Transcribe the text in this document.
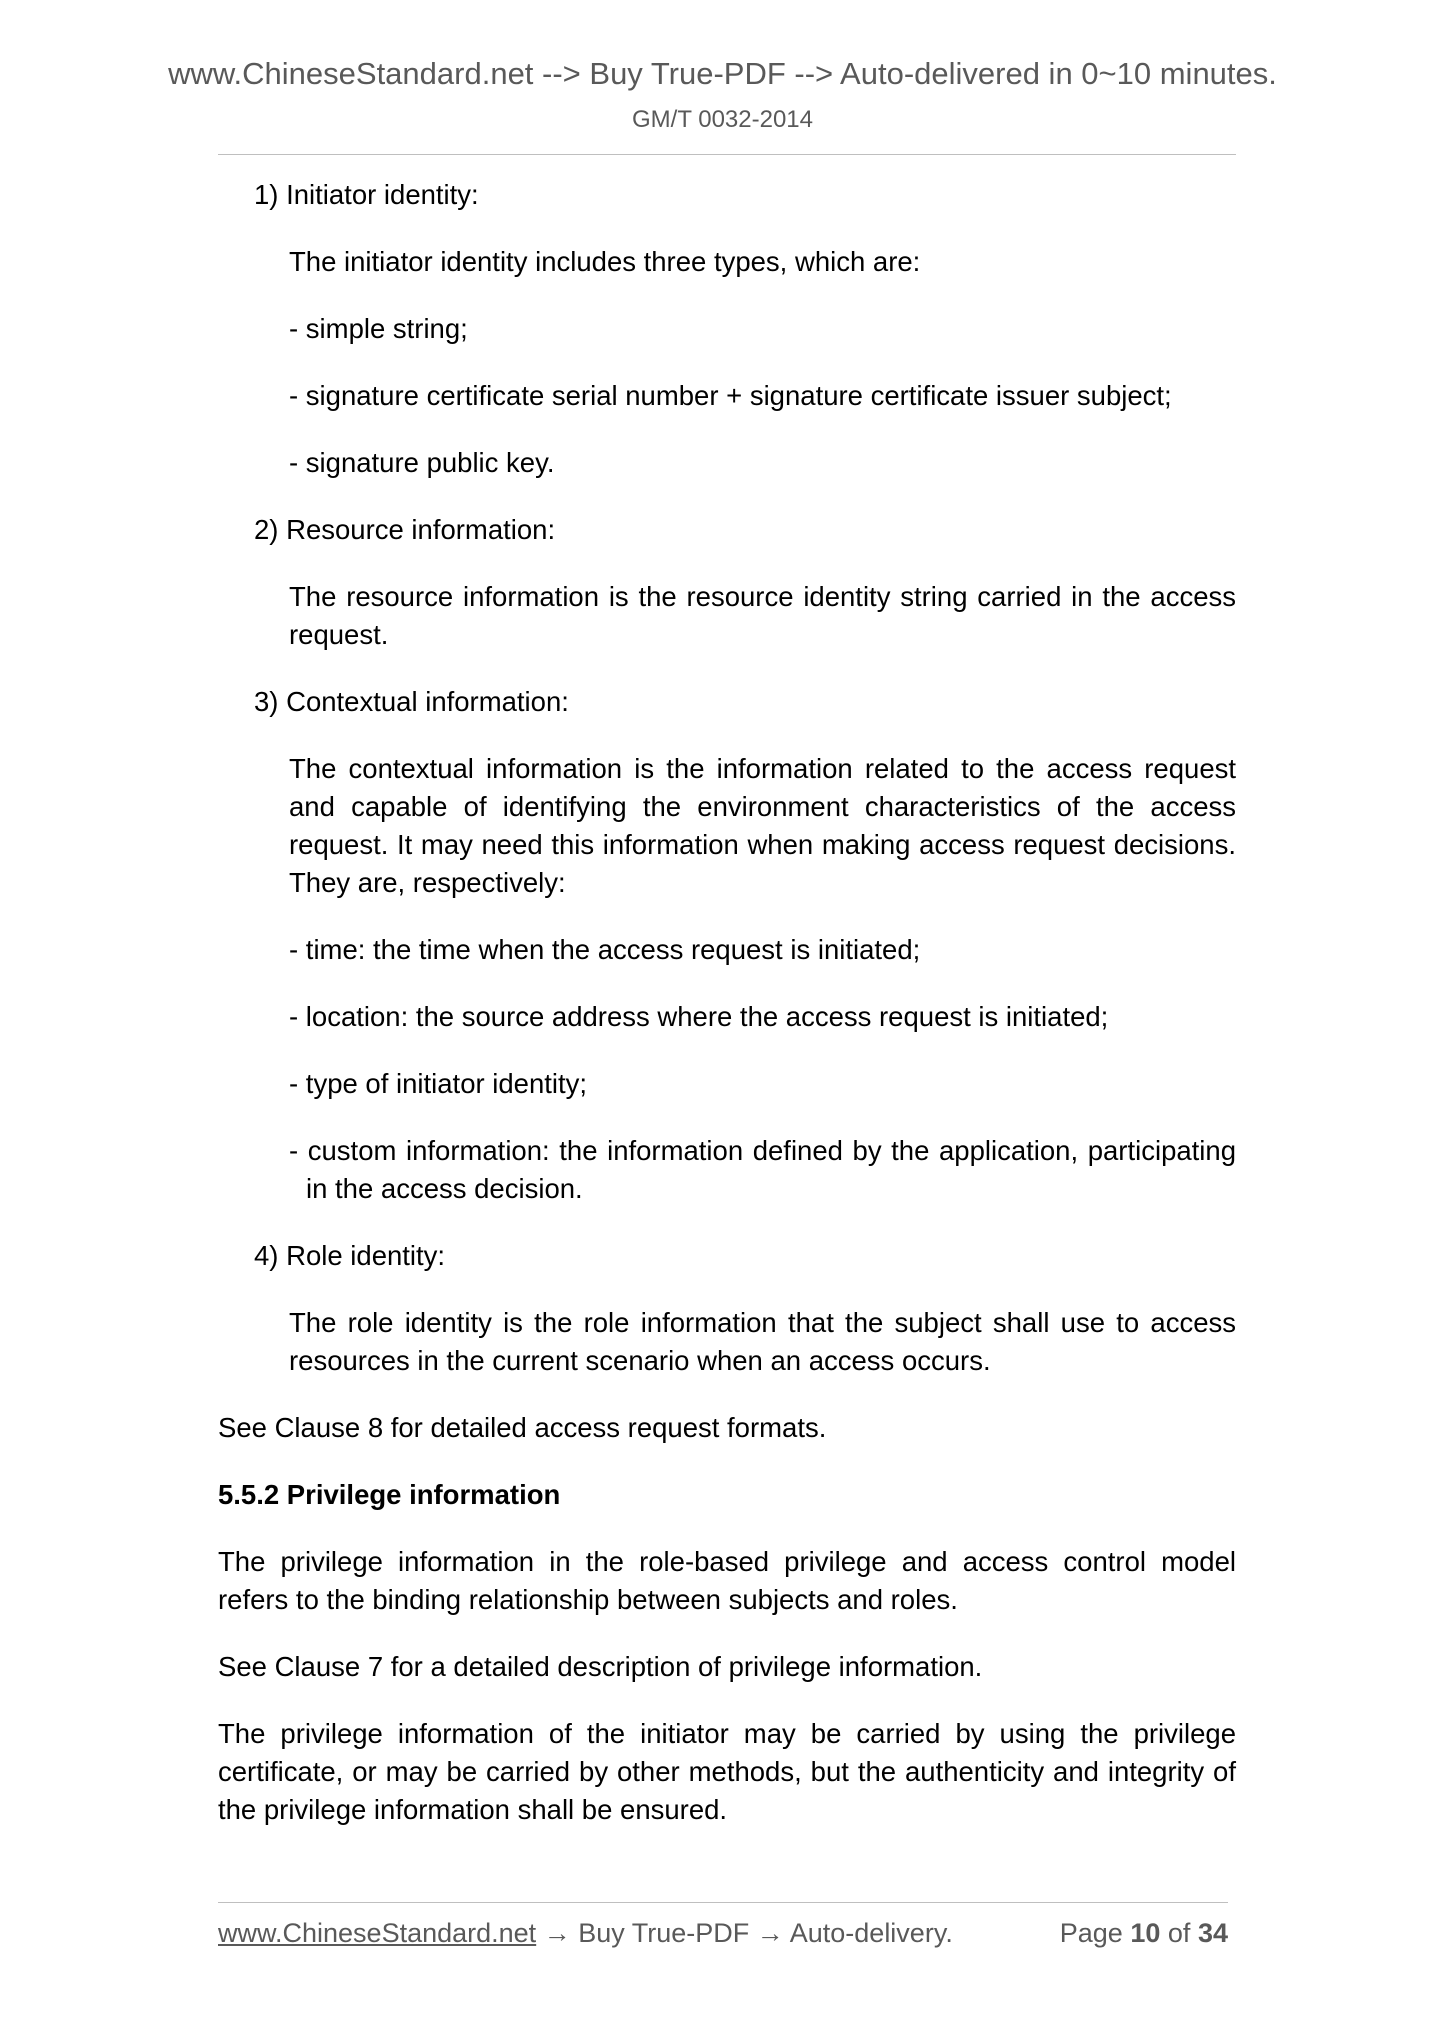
www.ChineseStandard.net --> Buy True-PDF --> Auto-delivered in 0~10 minutes.
GM/T 0032-2014

1) Initiator identity:

The initiator identity includes three types, which are:

- simple string;

- signature certificate serial number + signature certificate issuer subject;

- signature public key.

2) Resource information:

The resource information is the resource identity string carried in the access request.

3) Contextual information:

The contextual information is the information related to the access request and capable of identifying the environment characteristics of the access request. It may need this information when making access request decisions. They are, respectively:

- time: the time when the access request is initiated;

- location: the source address where the access request is initiated;

- type of initiator identity;

- custom information: the information defined by the application, participating in the access decision.

4) Role identity:

The role identity is the role information that the subject shall use to access resources in the current scenario when an access occurs.

See Clause 8 for detailed access request formats.

5.5.2 Privilege information

The privilege information in the role-based privilege and access control model refers to the binding relationship between subjects and roles.

See Clause 7 for a detailed description of privilege information.

The privilege information of the initiator may be carried by using the privilege certificate, or may be carried by other methods, but the authenticity and integrity of the privilege information shall be ensured.

www.ChineseStandard.net → Buy True-PDF → Auto-delivery.	Page 10 of 34
